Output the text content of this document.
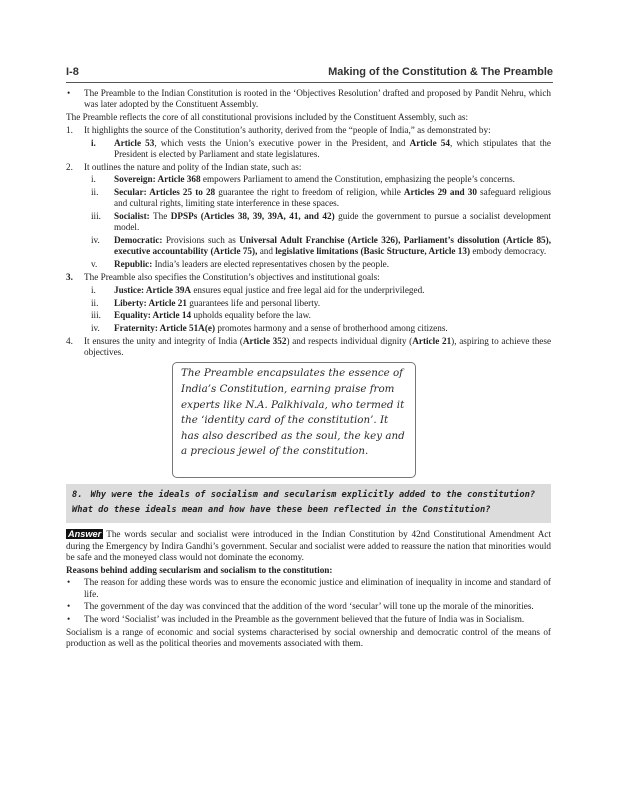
I-8	Making of the Constitution & The Preamble
• The Preamble to the Indian Constitution is rooted in the ‘Objectives Resolution’ drafted and proposed by Pandit Nehru, which was later adopted by the Constituent Assembly.

The Preamble reflects the core of all constitutional provisions included by the Constituent Assembly, such as:

1. It highlights the source of the Constitution’s authority, derived from the “people of India,” as demonstrated by:

i. Article 53, which vests the Union’s executive power in the President, and Article 54, which stipulates that the President is elected by Parliament and state legislatures.

2. It outlines the nature and polity of the Indian state, such as:

i. Sovereign: Article 368 empowers Parliament to amend the Constitution, emphasizing the people’s concerns.

ii. Secular: Articles 25 to 28 guarantee the right to freedom of religion, while Articles 29 and 30 safeguard religious and cultural rights, limiting state interference in these spaces.

iii. Socialist: The DPSPs (Articles 38, 39, 39A, 41, and 42) guide the government to pursue a socialist development model.

iv. Democratic: Provisions such as Universal Adult Franchise (Article 326), Parliament’s dissolution (Article 85), executive accountability (Article 75), and legislative limitations (Basic Structure, Article 13) embody democracy.

v. Republic: India’s leaders are elected representatives chosen by the people.

3. The Preamble also specifies the Constitution’s objectives and institutional goals:

i. Justice: Article 39A ensures equal justice and free legal aid for the underprivileged.

ii. Liberty: Article 21 guarantees life and personal liberty.

iii. Equality: Article 14 upholds equality before the law.

iv. Fraternity: Article 51A(e) promotes harmony and a sense of brotherhood among citizens.

4. It ensures the unity and integrity of India (Article 352) and respects individual dignity (Article 21), aspiring to achieve these objectives.

The Preamble encapsulates the essence of India’s Constitution, earning praise from experts like N.A. Palkhivala, who termed it the ‘identity card of the constitution’. It has also described as the soul, the key and a precious jewel of the constitution.
8. Why were the ideals of socialism and secularism explicitly added to the constitution? What do these ideals mean and how have these been reflected in the Constitution?

Answer The words secular and socialist were introduced in the Indian Constitution by 42nd Constitutional Amendment Act during the Emergency by Indira Gandhi’s government. Secular and socialist were added to reassure the nation that minorities would be safe and the moneyed class would not dominate the economy.

Reasons behind adding secularism and socialism to the constitution:

• The reason for adding these words was to ensure the economic justice and elimination of inequality in income and standard of life.

• The government of the day was convinced that the addition of the word ‘secular’ will tone up the morale of the minorities.

• The word ‘Socialist’ was included in the Preamble as the government believed that the future of India was in Socialism.

Socialism is a range of economic and social systems characterised by social ownership and democratic control of the means of production as well as the political theories and movements associated with them.
